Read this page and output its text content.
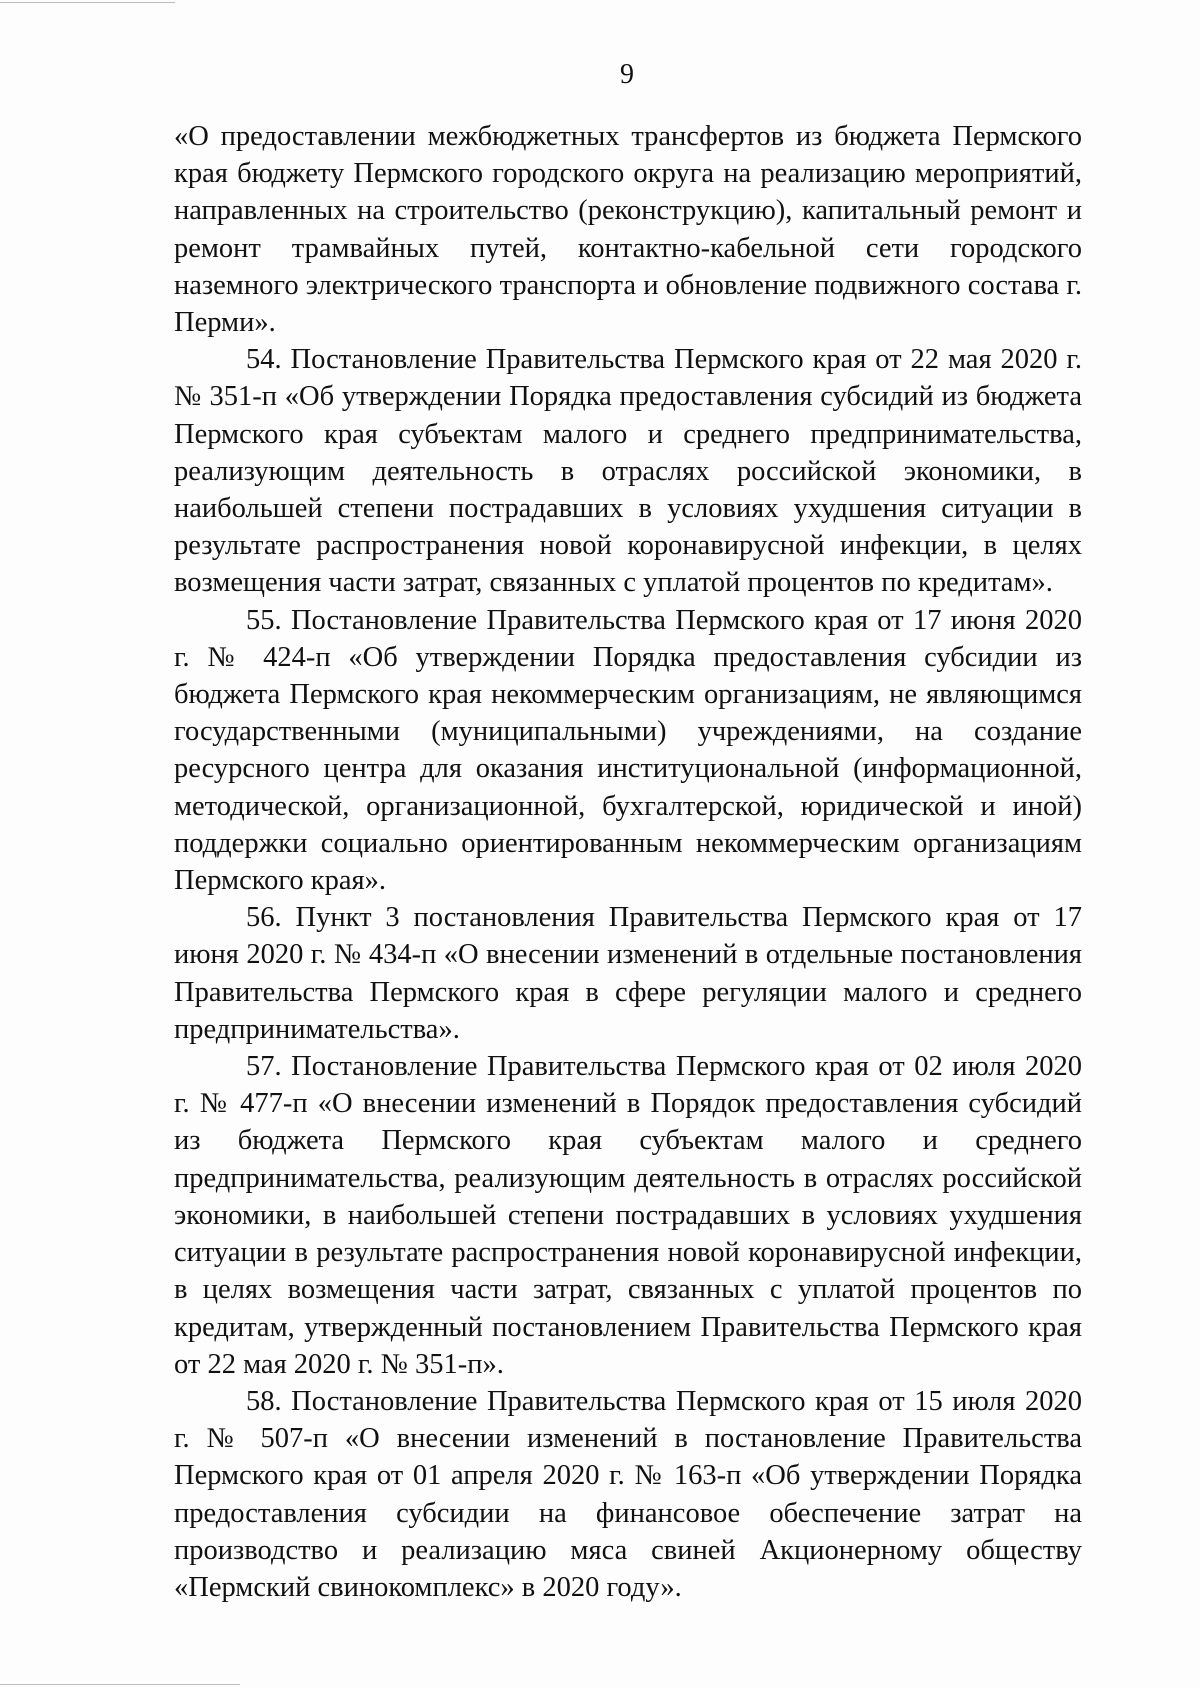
9

«О предоставлении межбюджетных трансфертов из бюджета Пермского края бюджету Пермского городского округа на реализацию мероприятий, направленных на строительство (реконструкцию), капитальный ремонт и ремонт трамвайных путей, контактно-кабельной сети городского наземного электрического транспорта и обновление подвижного состава г. Перми».

54. Постановление Правительства Пермского края от 22 мая 2020 г. № 351-п «Об утверждении Порядка предоставления субсидий из бюджета Пермского края субъектам малого и среднего предпринимательства, реализующим деятельность в отраслях российской экономики, в наибольшей степени пострадавших в условиях ухудшения ситуации в результате распространения новой коронавирусной инфекции, в целях возмещения части затрат, связанных с уплатой процентов по кредитам».

55. Постановление Правительства Пермского края от 17 июня 2020 г. № 424-п «Об утверждении Порядка предоставления субсидии из бюджета Пермского края некоммерческим организациям, не являющимся государственными (муниципальными) учреждениями, на создание ресурсного центра для оказания институциональной (информационной, методической, организационной, бухгалтерской, юридической и иной) поддержки социально ориентированным некоммерческим организациям Пермского края».

56. Пункт 3 постановления Правительства Пермского края от 17 июня 2020 г. № 434-п «О внесении изменений в отдельные постановления Правительства Пермского края в сфере регуляции малого и среднего предпринимательства».

57. Постановление Правительства Пермского края от 02 июля 2020 г. № 477-п «О внесении изменений в Порядок предоставления субсидий из бюджета Пермского края субъектам малого и среднего предпринимательства, реализующим деятельность в отраслях российской экономики, в наибольшей степени пострадавших в условиях ухудшения ситуации в результате распространения новой коронавирусной инфекции, в целях возмещения части затрат, связанных с уплатой процентов по кредитам, утвержденный постановлением Правительства Пермского края от 22 мая 2020 г. № 351-п».

58. Постановление Правительства Пермского края от 15 июля 2020 г. № 507-п «О внесении изменений в постановление Правительства Пермского края от 01 апреля 2020 г. № 163-п «Об утверждении Порядка предоставления субсидии на финансовое обеспечение затрат на производство и реализацию мяса свиней Акционерному обществу «Пермский свинокомплекс» в 2020 году».
